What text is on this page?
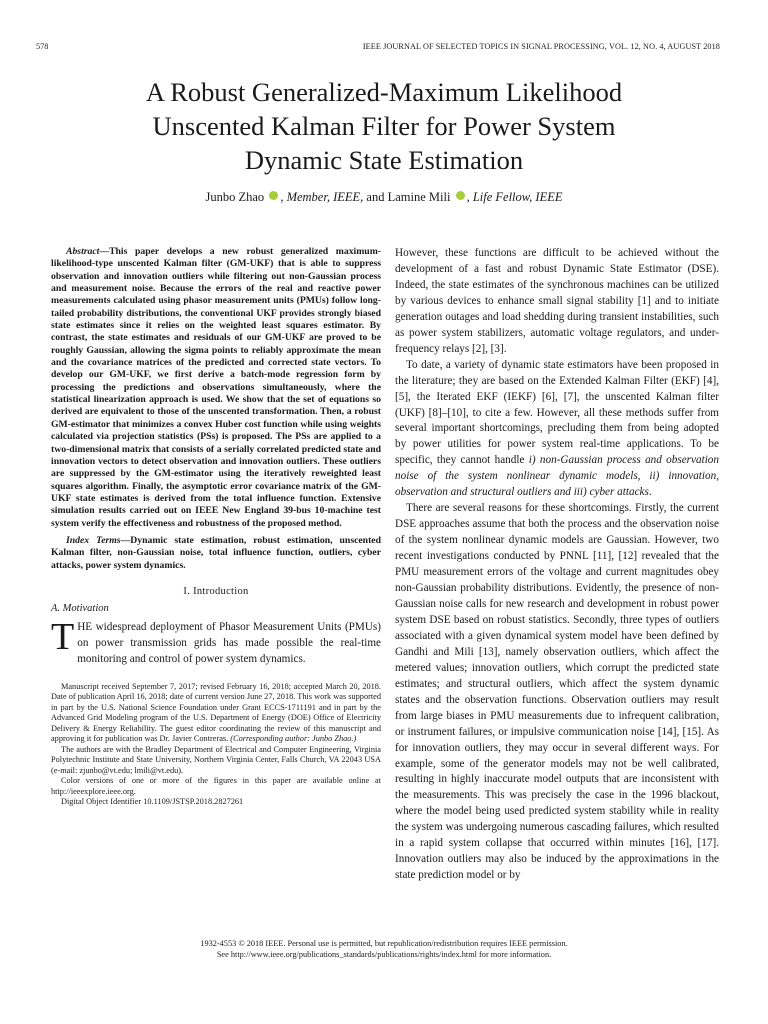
578	IEEE JOURNAL OF SELECTED TOPICS IN SIGNAL PROCESSING, VOL. 12, NO. 4, AUGUST 2018
A Robust Generalized-Maximum Likelihood
Unscented Kalman Filter for Power System
Dynamic State Estimation
Junbo Zhao , Member, IEEE, and Lamine Mili , Life Fellow, IEEE

Abstract—This paper develops a new robust generalized maximum-likelihood-type unscented Kalman filter (GM-UKF) that is able to suppress observation and innovation outliers while filtering out non-Gaussian process and measurement noise. Because the errors of the real and reactive power measurements calculated using phasor measurement units (PMUs) follow long-tailed probability distributions, the conventional UKF provides strongly biased state estimates since it relies on the weighted least squares estimator. By contrast, the state estimates and residuals of our GM-UKF are proved to be roughly Gaussian, allowing the sigma points to reliably approximate the mean and the covariance matrices of the predicted and corrected state vectors. To develop our GM-UKF, we first derive a batch-mode regression form by processing the predictions and observations simultaneously, where the statistical linearization approach is used. We show that the set of equations so derived are equivalent to those of the unscented transformation. Then, a robust GM-estimator that minimizes a convex Huber cost function while using weights calculated via projection statistics (PSs) is proposed. The PSs are applied to a two-dimensional matrix that consists of a serially correlated predicted state and innovation vectors to detect observation and innovation outliers. These outliers are suppressed by the GM-estimator using the iteratively reweighted least squares algorithm. Finally, the asymptotic error covariance matrix of the GM-UKF state estimates is derived from the total influence function. Extensive simulation results carried out on IEEE New England 39-bus 10-machine test system verify the effectiveness and robustness of the proposed method.

Index Terms—Dynamic state estimation, robust estimation, unscented Kalman filter, non-Gaussian noise, total influence function, outliers, cyber attacks, power system dynamics.

I. Introduction
A. Motivation

THE widespread deployment of Phasor Measurement Units (PMUs) on power transmission grids has made possible the real-time monitoring and control of power system dynamics.

Manuscript received September 7, 2017; revised February 16, 2018; accepted March 20, 2018. Date of publication April 16, 2018; date of current version June 27, 2018. This work was supported in part by the U.S. National Science Foundation under Grant ECCS-1711191 and in part by the Advanced Grid Modeling program of the U.S. Department of Energy (DOE) Office of Electricity Delivery & Energy Reliability. The guest editor coordinating the review of this manuscript and approving it for publication was Dr. Javier Contreras. (Corresponding author: Junbo Zhao.)

The authors are with the Bradley Department of Electrical and Computer Engineering, Virginia Polytechnic Institute and State University, Northern Virginia Center, Falls Church, VA 22043 USA (e-mail: zjunbo@vt.edu; lmili@vt.edu).

Color versions of one or more of the figures in this paper are available online at http://ieeexplore.ieee.org.

Digital Object Identifier 10.1109/JSTSP.2018.2827261

However, these functions are difficult to be achieved without the development of a fast and robust Dynamic State Estimator (DSE). Indeed, the state estimates of the synchronous machines can be utilized by various devices to enhance small signal stability [1] and to initiate generation outages and load shedding during transient instabilities, such as power system stabilizers, automatic voltage regulators, and under-frequency relays [2], [3].

To date, a variety of dynamic state estimators have been proposed in the literature; they are based on the Extended Kalman Filter (EKF) [4], [5], the Iterated EKF (IEKF) [6], [7], the unscented Kalman filter (UKF) [8]–[10], to cite a few. However, all these methods suffer from several important shortcomings, precluding them from being adopted by power utilities for power system real-time applications. To be specific, they cannot handle i) non-Gaussian process and observation noise of the system nonlinear dynamic models, ii) innovation, observation and structural outliers and iii) cyber attacks.

There are several reasons for these shortcomings. Firstly, the current DSE approaches assume that both the process and the observation noise of the system nonlinear dynamic models are Gaussian. However, two recent investigations conducted by PNNL [11], [12] revealed that the PMU measurement errors of the voltage and current magnitudes obey non-Gaussian probability distributions. Evidently, the presence of non-Gaussian noise calls for new research and development in robust power system DSE based on robust statistics. Secondly, three types of outliers associated with a given dynamical system model have been defined by Gandhi and Mili [13], namely observation outliers, which affect the metered values; innovation outliers, which corrupt the predicted state estimates; and structural outliers, which affect the system dynamic states and the observation functions. Observation outliers may result from large biases in PMU measurements due to infrequent calibration, or instrument failures, or impulsive communication noise [14], [15]. As for innovation outliers, they may occur in several different ways. For example, some of the generator models may not be well calibrated, resulting in highly inaccurate model outputs that are inconsistent with the measurements. This was precisely the case in the 1996 blackout, where the model being used predicted system stability while in reality the system was undergoing numerous cascading failures, which resulted in a rapid system collapse that occurred within minutes [16], [17]. Innovation outliers may also be induced by the approximations in the state prediction model or by

1932-4553 © 2018 IEEE. Personal use is permitted, but republication/redistribution requires IEEE permission.
See http://www.ieee.org/publications_standards/publications/rights/index.html for more information.
